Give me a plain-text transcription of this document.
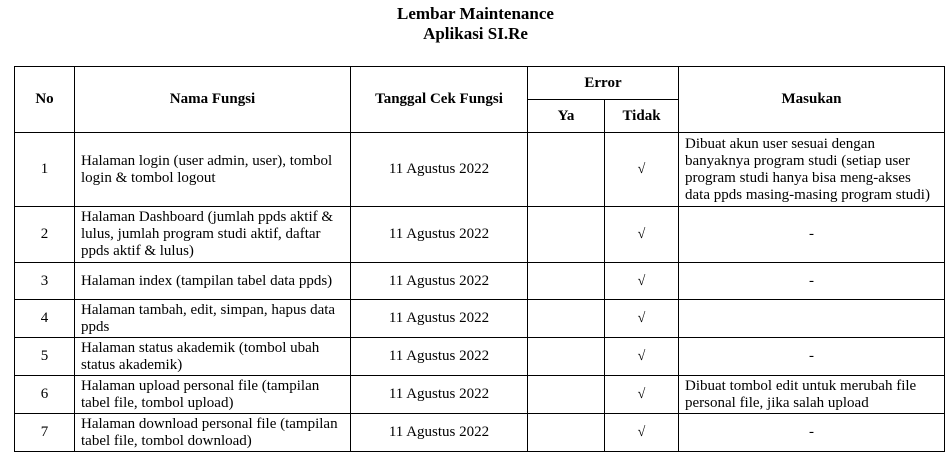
Lembar Maintenance
Aplikasi SI.Re
No	Nama Fungsi	Tanggal Cek Fungsi	Error		Masukan
			Ya	Tidak	
1	Halaman login (user admin, user), tombol login & tombol logout	11 Agustus 2022		√	Dibuat akun user sesuai dengan banyaknya program studi (setiap user program studi hanya bisa meng-akses data ppds masing-masing program studi)
2	Halaman Dashboard (jumlah ppds aktif & lulus, jumlah program studi aktif, daftar ppds aktif & lulus)	11 Agustus 2022		√	-
3	Halaman index (tampilan tabel data ppds)	11 Agustus 2022		√	-
4	Halaman tambah, edit, simpan, hapus data ppds	11 Agustus 2022		√	
5	Halaman status akademik (tombol ubah status akademik)	11 Agustus 2022		√	-
6	Halaman upload personal file (tampilan tabel file, tombol upload)	11 Agustus 2022		√	Dibuat tombol edit untuk merubah file personal file, jika salah upload
7	Halaman download personal file (tampilan tabel file, tombol download)	11 Agustus 2022		√	-
